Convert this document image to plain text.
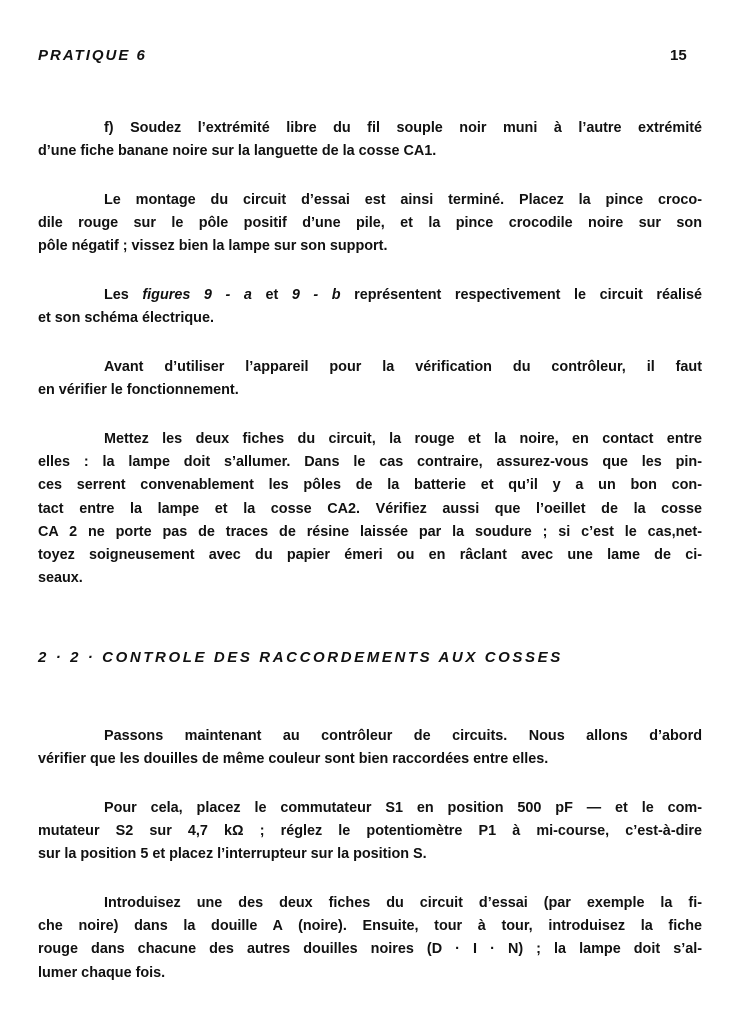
PRATIQUE 6	15

f) Soudez l’extrémité libre du fil souple noir muni à l’autre extrémité
d’une fiche banane noire sur la languette de la cosse CA1.

Le montage du circuit d’essai est ainsi terminé. Placez la pince croco-
dile rouge sur le pôle positif d’une pile, et la pince crocodile noire sur son
pôle négatif ; vissez bien la lampe sur son support.

Les figures 9 - a et 9 - b représentent respectivement le circuit réalisé
et son schéma électrique.

Avant d’utiliser l’appareil pour la vérification du contrôleur, il faut
en vérifier le fonctionnement.

Mettez les deux fiches du circuit, la rouge et la noire, en contact entre
elles : la lampe doit s’allumer. Dans le cas contraire, assurez-vous que les pin-
ces serrent convenablement les pôles de la batterie et qu’il y a un bon con-
tact entre la lampe et la cosse CA2. Vérifiez aussi que l’oeillet de la cosse
CA 2 ne porte pas de traces de résine laissée par la soudure ; si c’est le cas,net-
toyez soigneusement avec du papier émeri ou en râclant avec une lame de ci-
seaux.

2 · 2 · CONTROLE DES RACCORDEMENTS AUX COSSES

Passons maintenant au contrôleur de circuits. Nous allons d’abord
vérifier que les douilles de même couleur sont bien raccordées entre elles.

Pour cela, placez le commutateur S1 en position 500 pF — et le com-
mutateur S2 sur 4,7 kΩ ; réglez le potentiomètre P1 à mi-course, c’est-à-dire
sur la position 5 et placez l’interrupteur sur la position S.

Introduisez une des deux fiches du circuit d’essai (par exemple la fi-
che noire) dans la douille A (noire). Ensuite, tour à tour, introduisez la fiche
rouge dans chacune des autres douilles noires (D · I · N) ; la lampe doit s’al-
lumer chaque fois.
